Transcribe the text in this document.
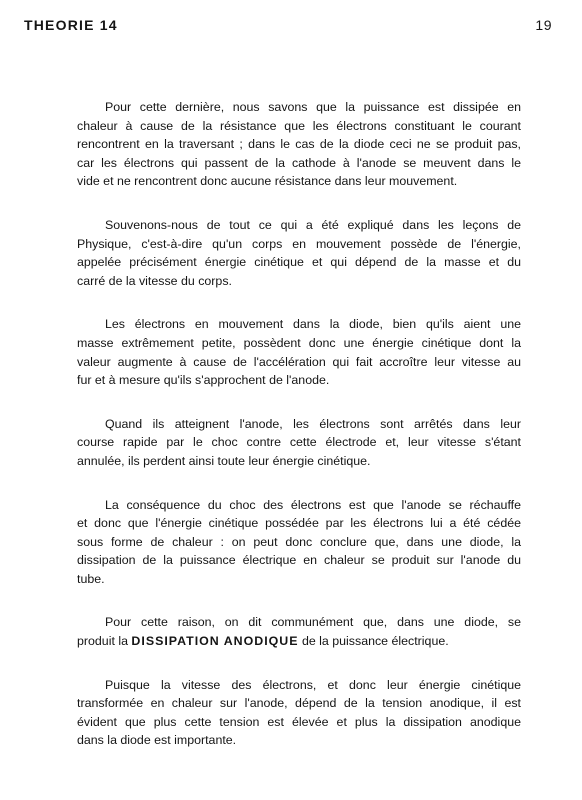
THEORIE 14	19

Pour cette dernière, nous savons que la puissance est dissipée en
chaleur à cause de la résistance que les électrons constituant le courant
rencontrent en la traversant ; dans le cas de la diode ceci ne se produit pas,
car les électrons qui passent de la cathode à l'anode se meuvent dans le
vide et ne rencontrent donc aucune résistance dans leur mouvement.

Souvenons-nous de tout ce qui a été expliqué dans les leçons de
Physique, c'est-à-dire qu'un corps en mouvement possède de l'énergie,
appelée précisément énergie cinétique et qui dépend de la masse et du
carré de la vitesse du corps.

Les électrons en mouvement dans la diode, bien qu'ils aient une
masse extrêmement petite, possèdent donc une énergie cinétique dont la
valeur augmente à cause de l'accélération qui fait accroître leur vitesse au
fur et à mesure qu'ils s'approchent de l'anode.

Quand ils atteignent l'anode, les électrons sont arrêtés dans leur
course rapide par le choc contre cette électrode et, leur vitesse s'étant
annulée, ils perdent ainsi toute leur énergie cinétique.

La conséquence du choc des électrons est que l'anode se réchauffe
et donc que l'énergie cinétique possédée par les électrons lui a été cédée
sous forme de chaleur : on peut donc conclure que, dans une diode, la
dissipation de la puissance électrique en chaleur se produit sur l'anode du
tube.

Pour cette raison, on dit communément que, dans une diode, se
produit la DISSIPATION ANODIQUE de la puissance électrique.

Puisque la vitesse des électrons, et donc leur énergie cinétique
transformée en chaleur sur l'anode, dépend de la tension anodique, il est
évident que plus cette tension est élevée et plus la dissipation anodique
dans la diode est importante.
